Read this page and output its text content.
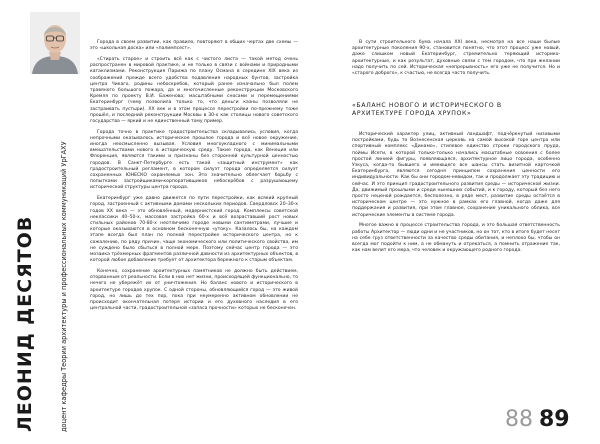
ЛЕОНИД ДЕСЯТОВ	доцент кафедры Теории архитектуры и профессиональных коммуникаций УрГАХУ

Города в своем развитии, как правило, повторяют в общих чертах две схемы — это «школьная доска» или «палимпсест».

«Стирать старое» и строить всё как с чистого листа — такой метод очень распространен в мировой практике, и не только в связи с войнами и природными катаклизмами. Реконструкция Парижа по плану Османа в середине XIX века из соображений прежде всего удобства подавления народных бунтов, застройка центра Чикаго, родины небоскребов, который ранее изначально был полем травяного большого пожара, да и многочисленные реконструкции Московского Кремля по проекту В.И. Баженова; масштабными сносами и перемещениями Екатеринбург (чему позволила только то, что деньги казны позволяли не застраивать пустыри). XX век и в этом процессе перестройки по-прежнему тоже прошёл, и последний реконструкции Москвы в 30-х как столицы нового советского государства — яркий и не единственный тому пример.

Города точно в практике градостроительства складывались условия, когда непрочными оказывалось историческое прошлое города и всё новое окружение, иногда неосмысленно вызывая. Условия многоукладного с минимальными вмешательствами нового в историческую среду. Такие города, как Венеция или Флоренция, являются такими и признаны без сторонней культурной ценностью городов. В Санкт-Петербурге есть такой «защитный инструмент» как градостроительный регламент, в котором силуэт города определяется силуэт сохраненных ЮНЕСКО охраняемых зон. Это значительно облегчает борьбу с попытками застройщиками-корпоративщиков небоскрёбов с разрушающему исторической структуры центра города.

Екатеринбург уже давно движется по пути перестройки, как всякий крупный город, застроенный с активными домами нескольких периодов. Свердловск 20–30-х годов XX века — это обновлённый, модернистский город. Комплексы советской неклассики 40–50-х, массовая застройка 60-х и всё возраставший рост новых стильных районов 70-80-х неотличимо городе новыми сантиметрами, лучшие и которые оказываются в основном бесконечную «утоку». Казалось бы, на каждом этапе всегда был план по полной перестройке исторического центра, но к сожалению, по ряду причин, чаще экономического или политического свойства, им не суждено было сбыться в полной мере. Поэтому сейчас центр города — это мозаика трёхмерных фрагментов различной давности из архитектурных объектов, в которой любое добавление требует от архитектора бережного к старым объектам.

Конечно, сохранение архитектурных памятников не должно быть действием, оторванным от реальности. Если в них нет жизни, происходящей функционально, то нечего не убережёт их от уничтожения. Но баланс нового и исторического в архитектуре городов хрупок. С одной стороны, обновляющийся город — это живой город, но лишь до тех пор, пока при неумеренно активном обновлении не происходит окончательная потеря истории и его духовного наследия в его центральной части, градостроительной «запаса прочности» которых не бесконечен.

В сути строительного бума начала XXI века, несмотря на все наши былые архитектурные поколения 90-х, становится понятно, что этот процесс уже новый, даже слишком новый Екатеринбург, стремительно теряющий историко-архитектурные, и как результат, духовные связи с тем городом, что при желании надо получить по сей. Историческая «непрерывность» его уже не получится. Но и «старого доброго», к счастью, не всегда часто получить.

«БАЛАНС НОВОГО И ИСТОРИЧЕСКОГО В АРХИТЕКТУРЕ ГОРОДА ХРУПОК»

Исторический характер улиц, активный ландшафт, подчёркнутый низовыми постройками, будь то Вознесенская церковь на самой высокой горе центра или спортивный комплекс «Динамо», стилевое единство строки городского пруда, поймы Исети, в которой только-только начались масштабные освоения с более простой линией фигуры, появляющаяся, архитектурное лицо города, особенно Узкуса, когда-то бывшего и имеющего все шансы стать визитной карточкой Екатеринбурга, являются сегодня принципом сохранения ценности его индивидуальности. Как бы они городом-невидом, так и продолжает эту традицию и сейчас. И это принцип градостроительного развития среды — исторической жизни. Да, движимый прошлыми и среди нынешних событий, и к городу, который без него просто неценой рождается, бесполезно, в ряде мест, развитие среды остаётся в историческом центре — это нужное в рамках его главной, когда даже для поддержания и развития, при этом главное, сохранение уникального облика, все исторические элементы в системе города.

Многое важно в процессе строительства города, и это большая ответственность работы Архитектор — люди одни и не участников, но он тот, кто в итоге будет несет на себе груз ответственности за качество среды обитания, и неплохо бы, чтобы он всегда мог подойти к ним, а не обмануть и отрекаться, а помнить отражение так, как нам велит его мера, что человек и окружающего родного города.

88 89
